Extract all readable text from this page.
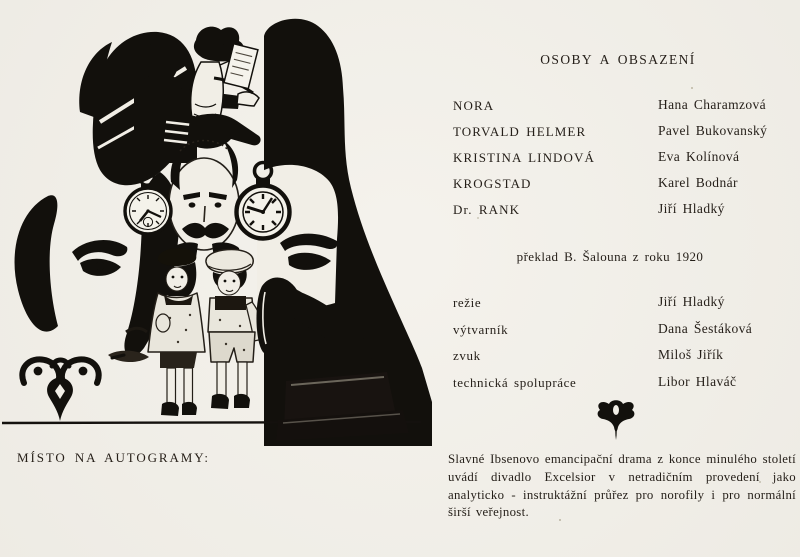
MÍSTO NA AUTOGRAMY:
OSOBY A OBSAZENÍ
NORA	Hana Charamzová
TORVALD HELMER	Pavel Bukovanský
KRISTINA LINDOVÁ	Eva Kolínová
KROGSTAD	Karel Bodnár
Dr. RANK	Jiří Hladký
překlad B. Šalouna z roku 1920
režie	Jiří Hladký
výtvarník	Dana Šestáková
zvuk	Miloš Jiřík
technická spolupráce	Libor Hlaváč

Slavné Ibsenovo emancipační drama z konce minulého století uvádí divadlo Excelsior v netradičním provedení jako analyticko - instruktážní průřez pro norofily i pro normální širší veřejnost.
